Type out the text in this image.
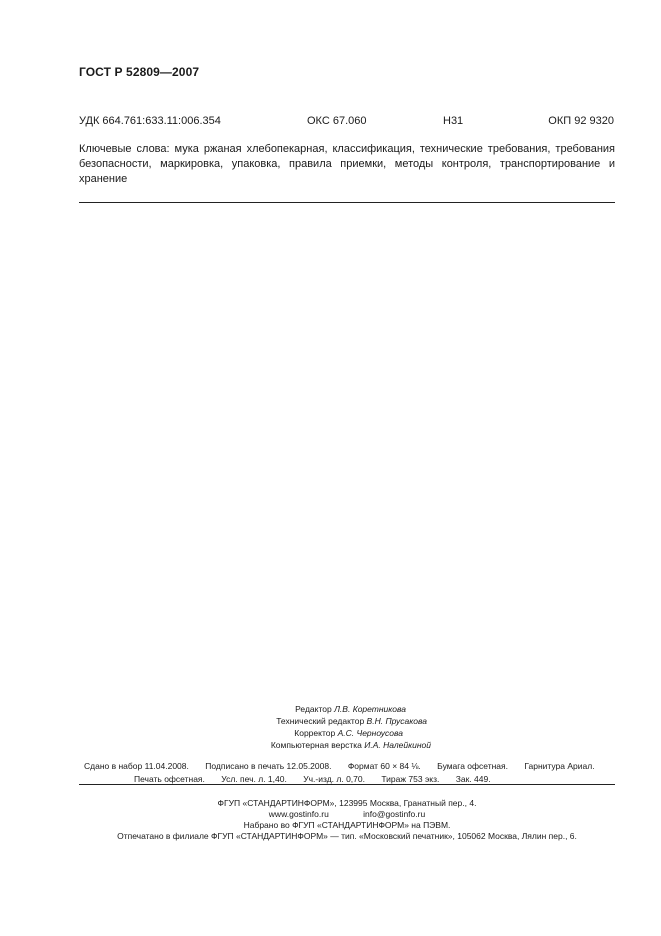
ГОСТ Р 52809—2007
УДК 664.761:633.11:006.354	ОКС 67.060	Н31	ОКП 92 9320
Ключевые слова: мука ржаная хлебопекарная, классификация, технические требования, требования безопасности, маркировка, упаковка, правила приемки, методы контроля, транспортирование и хранение
Редактор Л.В. Коретникова
Технический редактор В.Н. Прусакова
Корректор А.С. Черноусова
Компьютерная верстка И.А. Налейкиной
Сдано в набор 11.04.2008. Подписано в печать 12.05.2008. Формат 60 × 84 ⅛. Бумага офсетная. Гарнитура Ариал.
Печать офсетная. Усл. печ. л. 1,40. Уч.-изд. л. 0,70. Тираж 753 экз. Зак. 449.
ФГУП «СТАНДАРТИНФОРМ», 123995 Москва, Гранатный пер., 4.
www.gostinfo.ru	info@gostinfo.ru
Набрано во ФГУП «СТАНДАРТИНФОРМ» на ПЭВМ.
Отпечатано в филиале ФГУП «СТАНДАРТИНФОРМ» — тип. «Московский печатник», 105062 Москва, Лялин пер., 6.
